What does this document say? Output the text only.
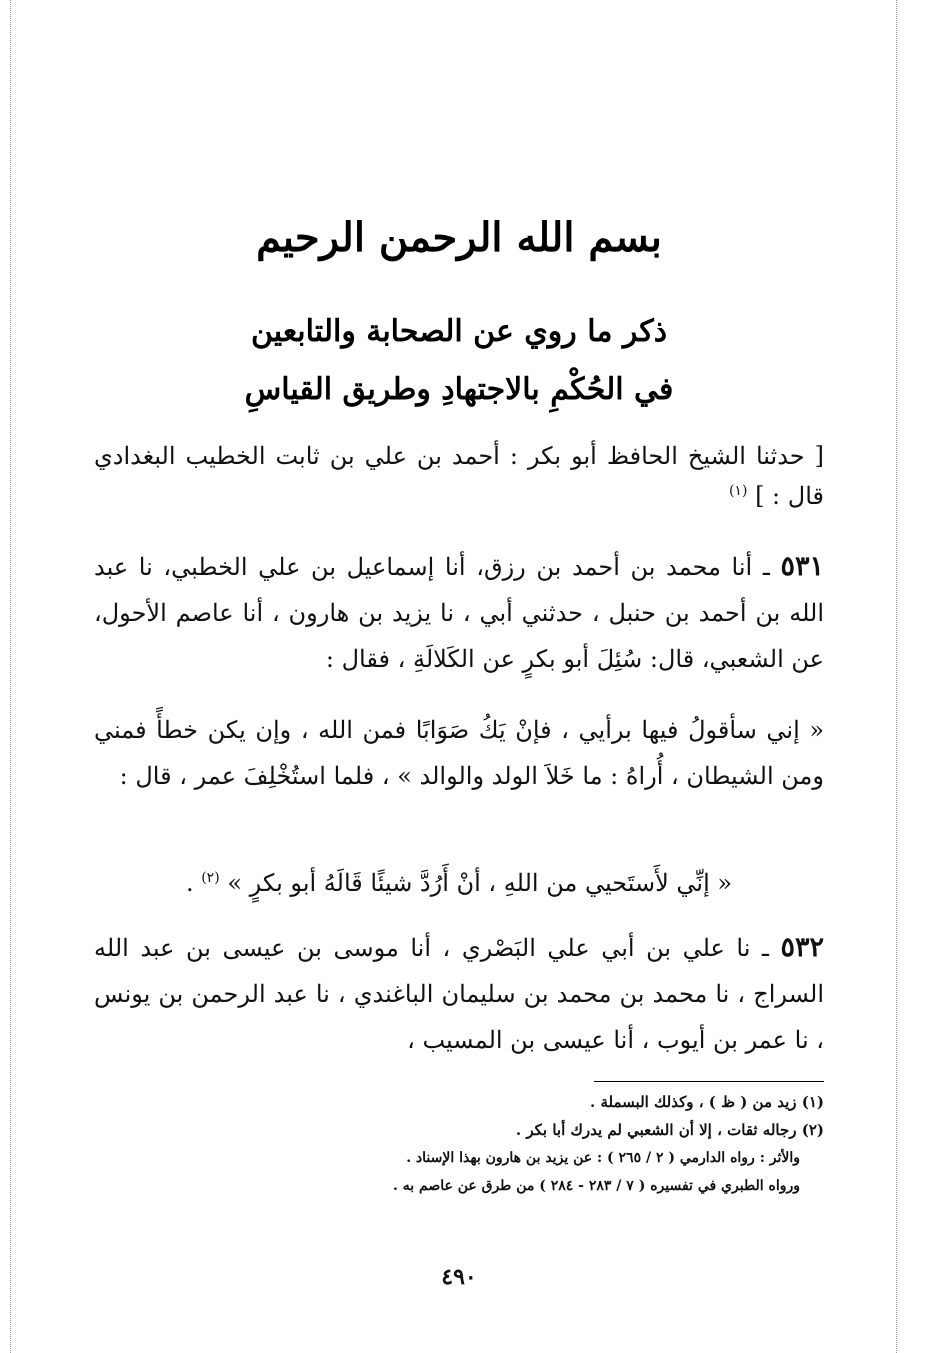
بسم الله الرحمن الرحيم
ذكر ما روي عن الصحابة والتابعين
في الحُكْمِ بالاجتهادِ وطريق القياسِ

[ حدثنا الشيخ الحافظ أبو بكر : أحمد بن علي بن ثابت الخطيب البغدادي قال : ] $^{(١)}$

٥٣١ ـ أنا محمد بن أحمد بن رزق، أنا إسماعيل بن علي الخطبي، نا عبد الله بن أحمد بن حنبل ، حدثني أبي ، نا يزيد بن هارون ، أنا عاصم الأحول، عن الشعبي، قال: سُئِلَ أبو بكرٍ عن الكَلالَةِ ، فقال :

« إني سأقولُ فيها برأيي ، فإنْ يَكُ صَوَابًا فمن الله ، وإن يكن خطأً فمني ومن الشيطان ، أُراهُ : ما خَلاَ الولد والوالد » ، فلما استُخْلِفَ عمر ، قال :

« إنِّي لأَستَحيي من اللهِ ، أنْ أَرُدَّ شيئًا قَالَهُ أبو بكرٍ » $^{(٢)}$ .

٥٣٢ ـ نا علي بن أبي علي البَصْري ، أنا موسى بن عيسى بن عبد الله السراج ، نا محمد بن محمد بن سليمان الباغندي ، نا عبد الرحمن بن يونس ، نا عمر بن أيوب ، أنا عيسى بن المسيب ،

(١) زيد من ( ظ ) ، وكذلك البسملة .

(٢) رجاله ثقات ، إلا أن الشعبي لم يدرك أبا بكر .

والأثر : رواه الدارمي ( ٢ / ٢٦٥ ) : عن يزيد بن هارون بهذا الإسناد .

ورواه الطبري في تفسيره ( ٧ / ٢٨٣ - ٢٨٤ ) من طرق عن عاصم به .

٤٩٠
